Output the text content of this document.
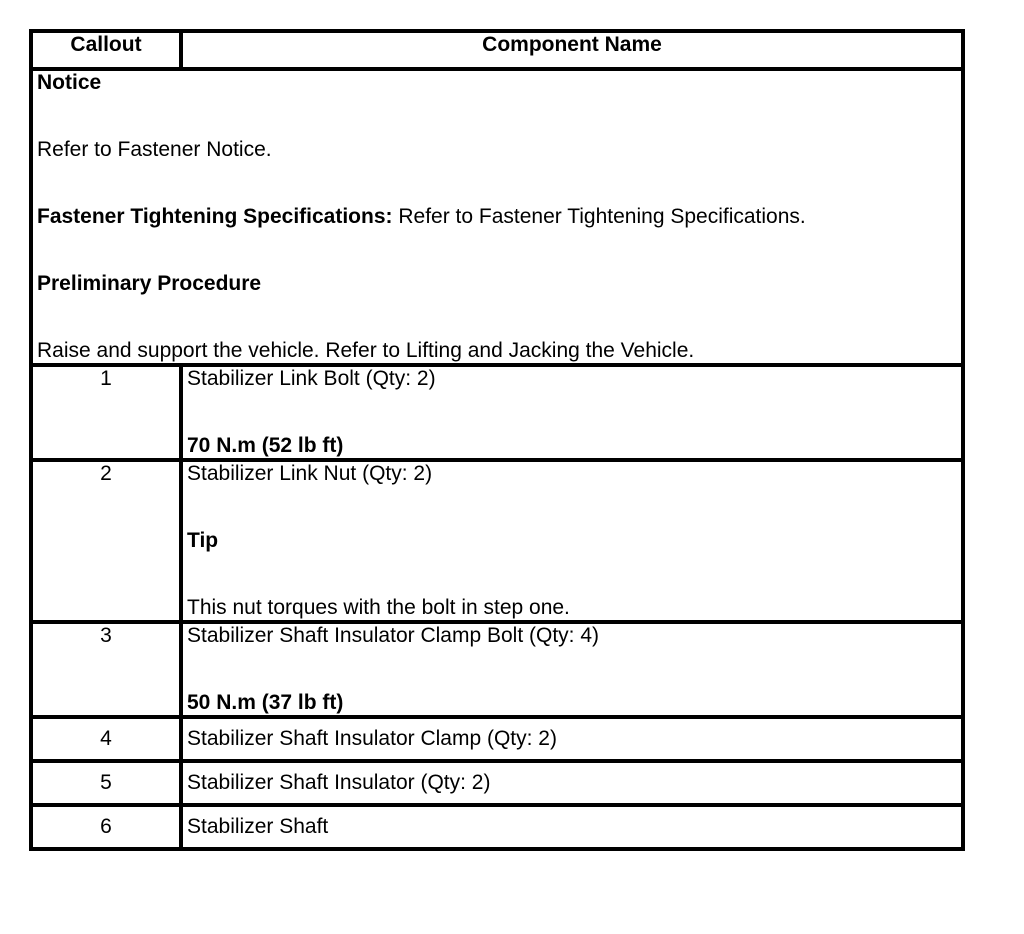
Callout	Component Name

Notice
Refer to Fastener Notice.
Fastener Tightening Specifications: Refer to Fastener Tightening Specifications.
Preliminary Procedure
Raise and support the vehicle. Refer to Lifting and Jacking the Vehicle.	

1	Stabilizer Link Bolt (Qty: 2)
70 N.m (52 lb ft)

2	Stabilizer Link Nut (Qty: 2)
Tip
This nut torques with the bolt in step one.

3	Stabilizer Shaft Insulator Clamp Bolt (Qty: 4)
50 N.m (37 lb ft)

4	Stabilizer Shaft Insulator Clamp (Qty: 2)
5	Stabilizer Shaft Insulator (Qty: 2)
6	Stabilizer Shaft
